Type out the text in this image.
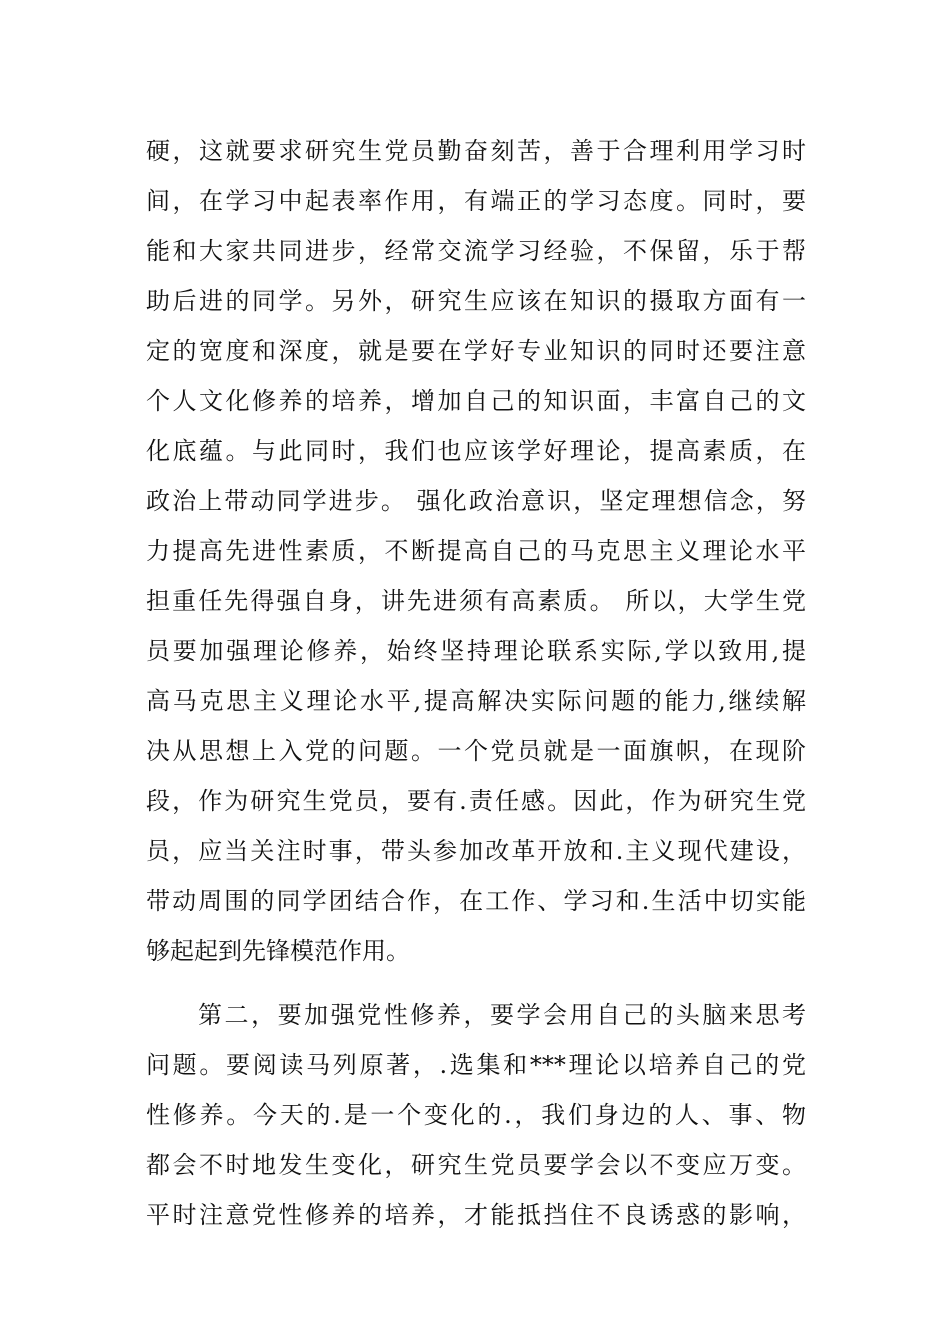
硬，这就要求研究生党员勤奋刻苦，善于合理利用学习时
间，在学习中起表率作用，有端正的学习态度。同时，要
能和大家共同进步，经常交流学习经验，不保留，乐于帮
助后进的同学。另外，研究生应该在知识的摄取方面有一
定的宽度和深度，就是要在学好专业知识的同时还要注意
个人文化修养的培养，增加自己的知识面，丰富自己的文
化底蕴。与此同时，我们也应该学好理论，提高素质，在
政治上带动同学进步。 强化政治意识，坚定理想信念，努
力提高先进性素质，不断提高自己的马克思主义理论水平
担重任先得强自身，讲先进须有高素质。 所以，大学生党
员要加强理论修养，始终坚持理论联系实际,学以致用,提
高马克思主义理论水平,提高解决实际问题的能力,继续解
决从思想上入党的问题。一个党员就是一面旗帜，在现阶
段，作为研究生党员，要有.责任感。因此，作为研究生党
员，应当关注时事，带头参加改革开放和.主义现代建设，
带动周围的同学团结合作，在工作、学习和.生活中切实能
够起起到先锋模范作用。
第二，要加强党性修养，要学会用自己的头脑来思考
问题。要阅读马列原著，.选集和***理论以培养自己的党
性修养。今天的.是一个变化的.，我们身边的人、事、物
都会不时地发生变化，研究生党员要学会以不变应万变。
平时注意党性修养的培养，才能抵挡住不良诱惑的影响，
